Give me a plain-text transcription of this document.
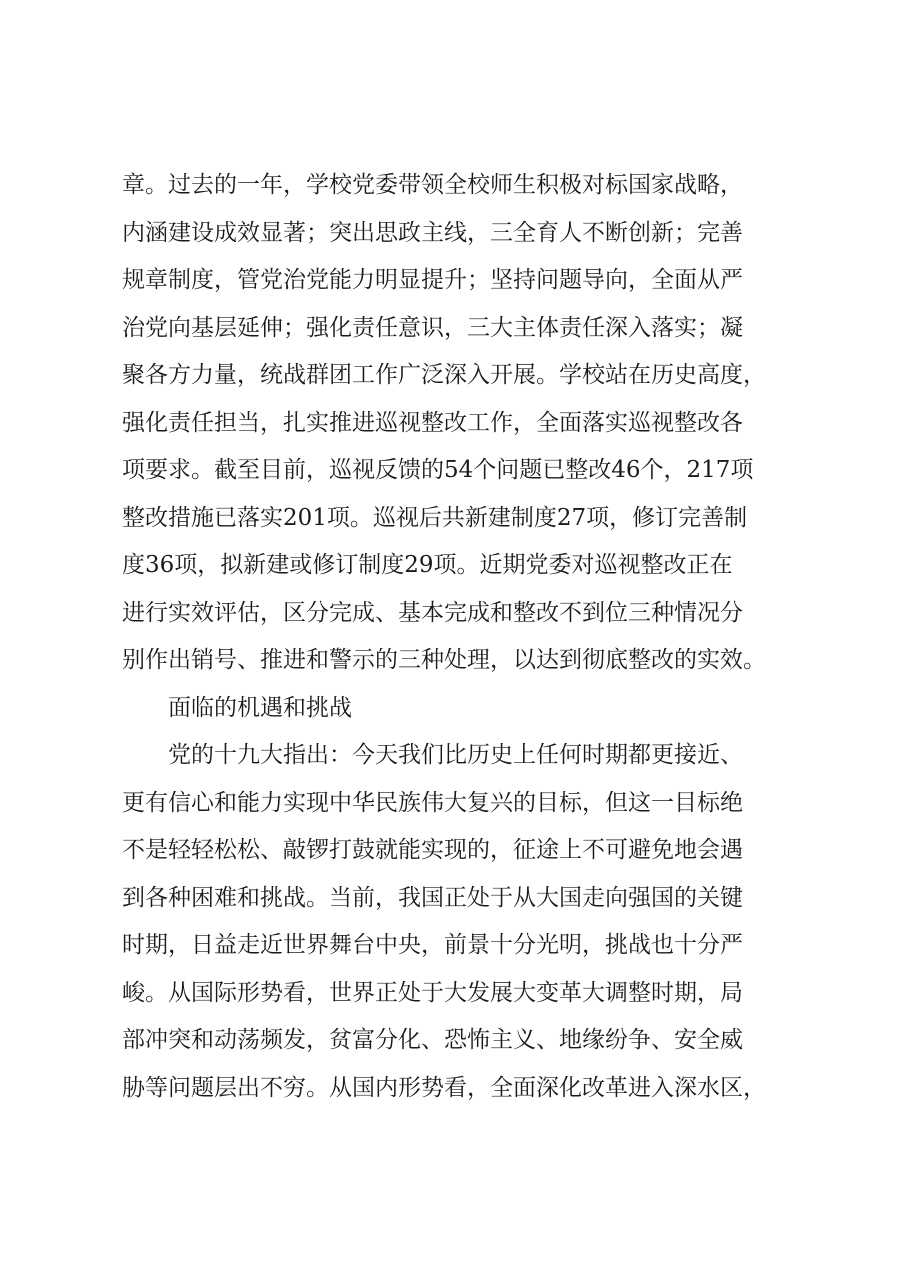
章。过去的一年，学校党委带领全校师生积极对标国家战略，
内涵建设成效显著；突出思政主线，三全育人不断创新；完善
规章制度，管党治党能力明显提升；坚持问题导向，全面从严
治党向基层延伸；强化责任意识，三大主体责任深入落实；凝
聚各方力量，统战群团工作广泛深入开展。学校站在历史高度，
强化责任担当，扎实推进巡视整改工作，全面落实巡视整改各
项要求。截至目前，巡视反馈的54个问题已整改46个，217项
整改措施已落实201项。巡视后共新建制度27项，修订完善制
度36项，拟新建或修订制度29项。近期党委对巡视整改正在
进行实效评估，区分完成、基本完成和整改不到位三种情况分
别作出销号、推进和警示的三种处理，以达到彻底整改的实效。
面临的机遇和挑战
党的十九大指出：今天我们比历史上任何时期都更接近、
更有信心和能力实现中华民族伟大复兴的目标，但这一目标绝
不是轻轻松松、敲锣打鼓就能实现的，征途上不可避免地会遇
到各种困难和挑战。当前，我国正处于从大国走向强国的关键
时期，日益走近世界舞台中央，前景十分光明，挑战也十分严
峻。从国际形势看，世界正处于大发展大变革大调整时期，局
部冲突和动荡频发，贫富分化、恐怖主义、地缘纷争、安全威
胁等问题层出不穷。从国内形势看，全面深化改革进入深水区，
